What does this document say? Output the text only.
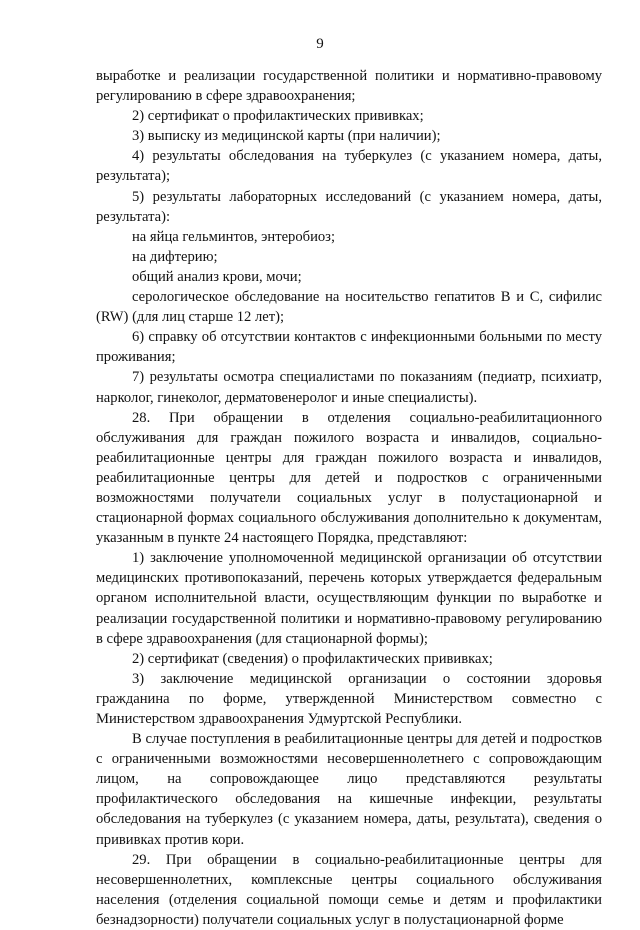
9

выработке и реализации государственной политики и нормативно-правовому регулированию в сфере здравоохранения;

2) сертификат о профилактических прививках;

3) выписку из медицинской карты (при наличии);

4) результаты обследования на туберкулез (с указанием номера, даты, результата);

5) результаты лабораторных исследований (с указанием номера, даты, результата):

на яйца гельминтов, энтеробиоз;

на дифтерию;

общий анализ крови, мочи;

серологическое обследование на носительство гепатитов В и С, сифилис (RW) (для лиц старше 12 лет);

6) справку об отсутствии контактов с инфекционными больными по месту проживания;

7) результаты осмотра специалистами по показаниям (педиатр, психиатр, нарколог, гинеколог, дерматовенеролог и иные специалисты).

28. При обращении в отделения социально-реабилитационного обслуживания для граждан пожилого возраста и инвалидов, социально-реабилитационные центры для граждан пожилого возраста и инвалидов, реабилитационные центры для детей и подростков с ограниченными возможностями получатели социальных услуг в полустационарной и стационарной формах социального обслуживания дополнительно к документам, указанным в пункте 24 настоящего Порядка, представляют:

1) заключение уполномоченной медицинской организации об отсутствии медицинских противопоказаний, перечень которых утверждается федеральным органом исполнительной власти, осуществляющим функции по выработке и реализации государственной политики и нормативно-правовому регулированию в сфере здравоохранения (для стационарной формы);

2) сертификат (сведения) о профилактических прививках;

3) заключение медицинской организации о состоянии здоровья гражданина по форме, утвержденной Министерством совместно с Министерством здравоохранения Удмуртской Республики.

В случае поступления в реабилитационные центры для детей и подростков с ограниченными возможностями несовершеннолетнего с сопровождающим лицом, на сопровождающее лицо представляются результаты профилактического обследования на кишечные инфекции, результаты обследования на туберкулез (с указанием номера, даты, результата), сведения о прививках против кори.

29. При обращении в социально-реабилитационные центры для несовершеннолетних, комплексные центры социального обслуживания населения (отделения социальной помощи семье и детям и профилактики безнадзорности) получатели социальных услуг в полустационарной форме
